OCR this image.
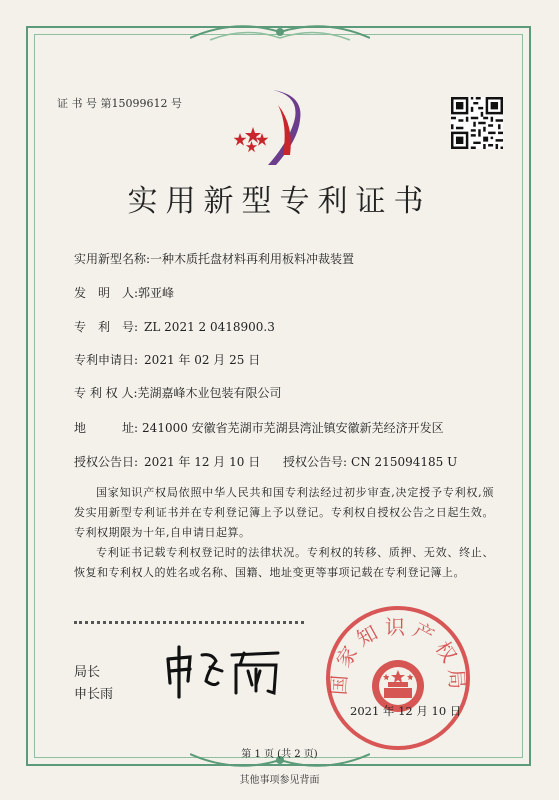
证 书 号 第15099612 号
实用新型专利证书
实用新型名称:一种木质托盘材料再利用板料冲裁装置
发　明　人:郭亚峰
专　利　号: ZL 2021 2 0418900.3
专利申请日: 2021 年 02 月 25 日
专 利 权 人:芜湖嘉峰木业包装有限公司
地　　　址: 241000 安徽省芜湖市芜湖县湾沚镇安徽新芜经济开发区
授权公告日: 2021 年 12 月 10 日 授权公告号: CN 215094185 U
国家知识产权局依照中华人民共和国专利法经过初步审查,决定授予专利权,颁发实用新型专利证书并在专利登记簿上予以登记。专利权自授权公告之日起生效。专利权期限为十年,自申请日起算。
专利证书记载专利权登记时的法律状况。专利权的转移、质押、无效、终止、恢复和专利权人的姓名或名称、国籍、地址变更等事项记载在专利登记簿上。
局长
申长雨	国家知识产权局
2021 年 12 月 10 日
第 1 页 (共 2 页)
其他事项参见背面
